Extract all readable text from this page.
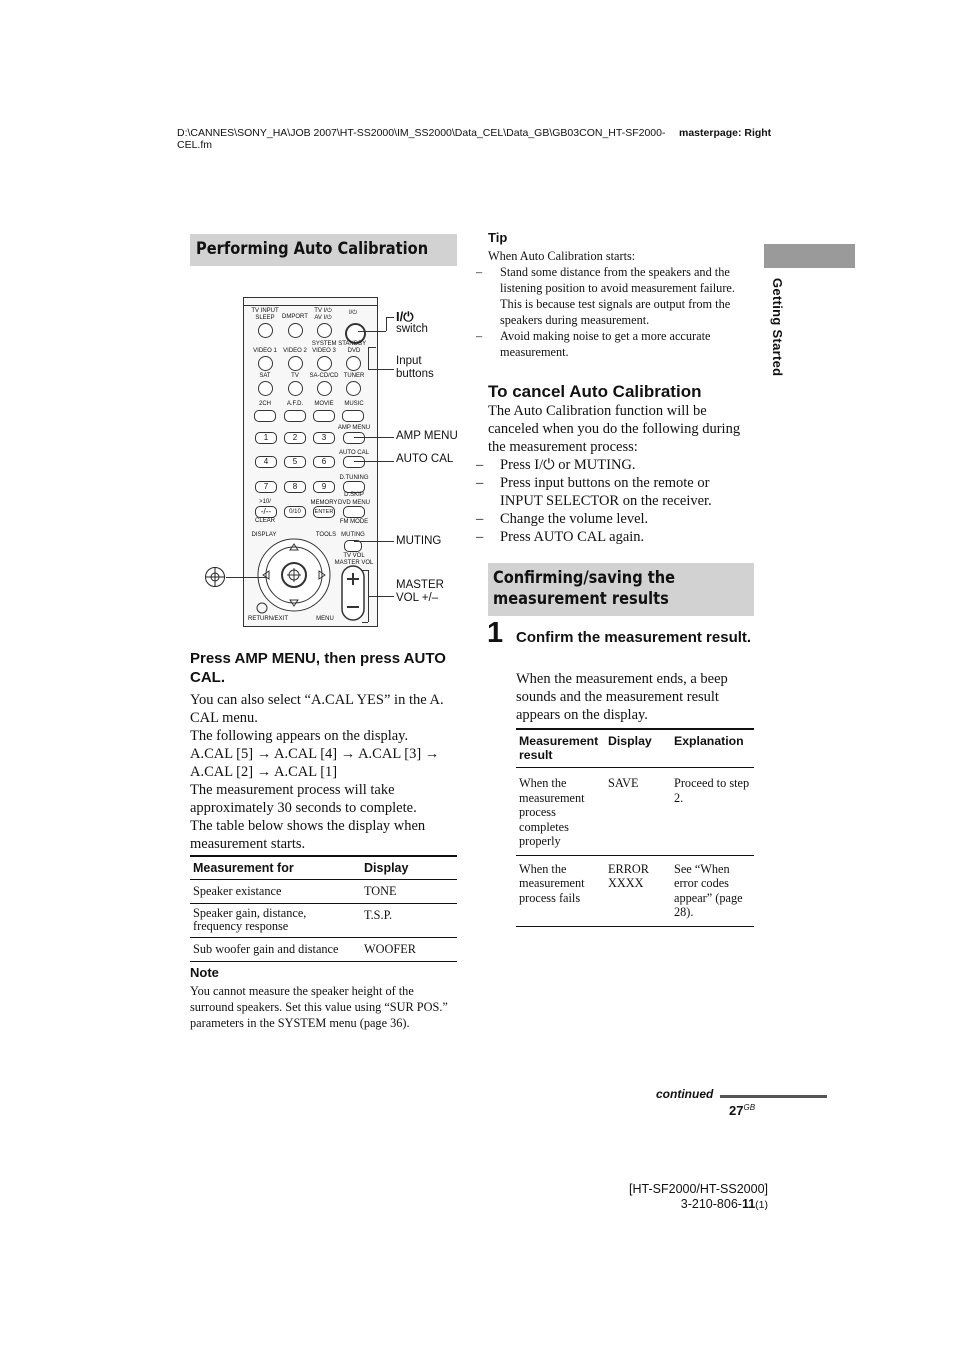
D:\CANNES\SONY_HA\JOB 2007\HT-SS2000\IM_SS2000\Data_CEL\Data_GB\GB03CON_HT-SF2000-CEL.fm
masterpage: Right
Getting Started
Performing Auto Calibration
TV INPUT SLEEP	DMPORT
TV I/⏻ AV I/⏻
I/⏻
SYSTEM STANDBY
VIDEO 1	VIDEO 2 VIDEO 3	DVD
SAT	TV	SA-CD/CD TUNER
2CH	A.F.D.	MOVIE	MUSIC
AMP MENU
1	2	3
AUTO CAL
4	5	6
D.TUNING
7	8	9
D.SKIP
>10/	MEMORY DVD MENU
-/--	0/10	ENTER
CLEAR	FM MODE
DISPLAY	TOOLS MUTING
TV VOL
MASTER VOL
RETURN/EXIT	MENU
I/⏻
switch
Input buttons
AMP MENU
AUTO CAL
MUTING
MASTER VOL +/–
Press AMP MENU, then press AUTO CAL.
You can also select “A.CAL YES” in the A. CAL menu.
The following appears on the display.
A.CAL [5] → A.CAL [4] → A.CAL [3] → A.CAL [2] → A.CAL [1]
The measurement process will take approximately 30 seconds to complete.
The table below shows the display when measurement starts.
Measurement for	Display
Speaker existance	TONE
Speaker gain, distance, frequency response	T.S.P.
Sub woofer gain and distance	WOOFER
Note
You cannot measure the speaker height of the surround speakers. Set this value using “SUR POS.” parameters in the SYSTEM menu (page 36).
Tip
When Auto Calibration starts:
– Stand some distance from the speakers and the listening position to avoid measurement failure. This is because test signals are output from the speakers during measurement.
– Avoid making noise to get a more accurate measurement.
To cancel Auto Calibration
The Auto Calibration function will be canceled when you do the following during the measurement process:
– Press I/⏻ or MUTING.
– Press input buttons on the remote or INPUT SELECTOR on the receiver.
– Change the volume level.
– Press AUTO CAL again.
Confirming/saving the
measurement results
1 Confirm the measurement result.
When the measurement ends, a beep sounds and the measurement result appears on the display.
Measurement result	Display	Explanation
When the measurement process completes properly	SAVE	Proceed to step 2.
When the measurement process fails	ERROR XXXX	See “When error codes appear” (page 28).
continued
$27^{GB}$
[HT-SF2000/HT-SS2000]
3-210-806-11(1)
